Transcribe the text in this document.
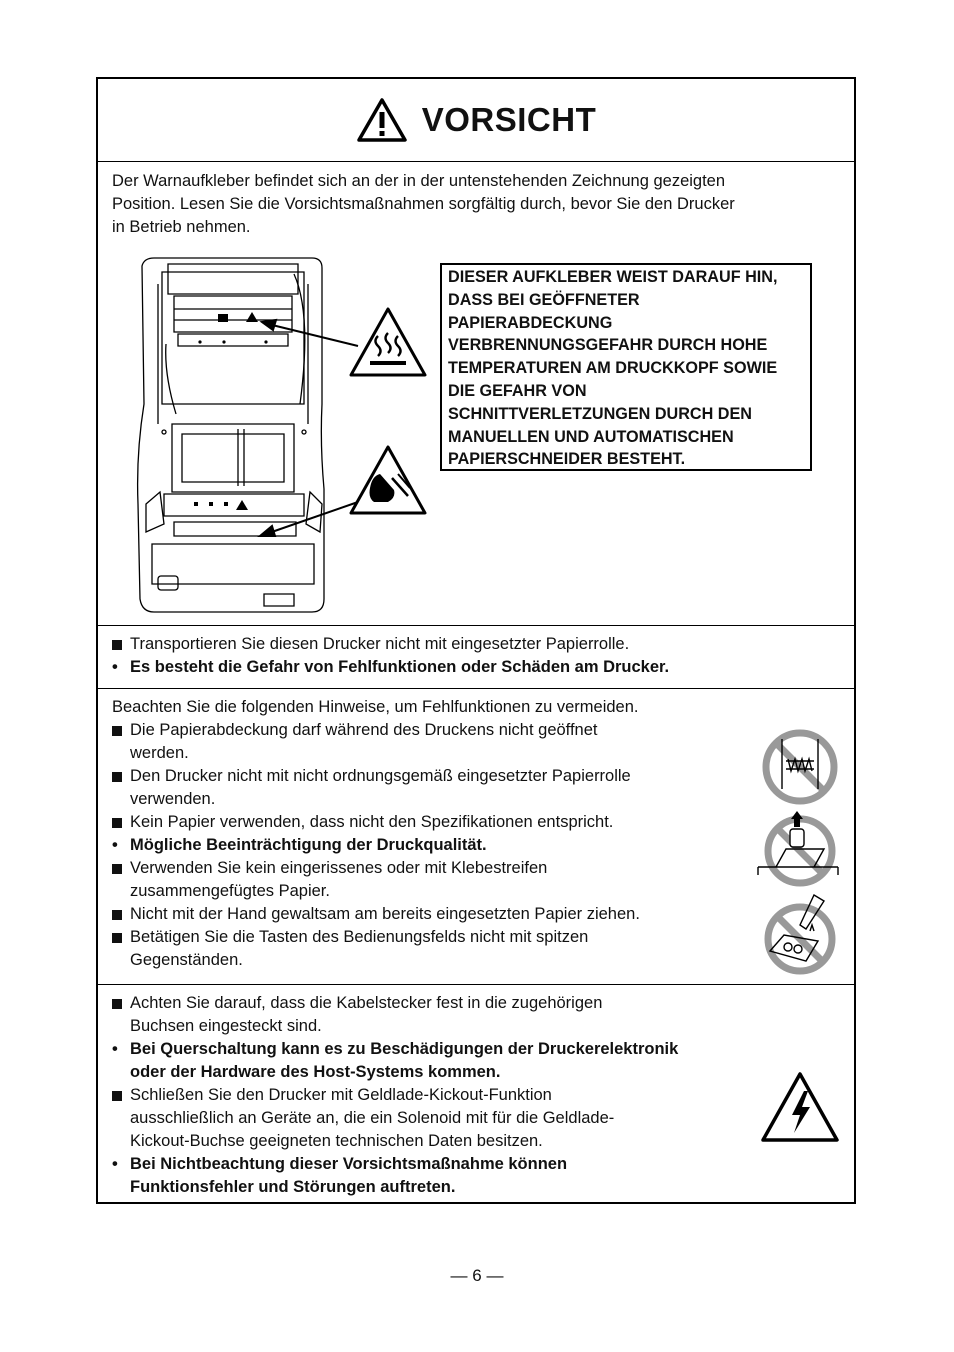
VORSICHT

Der Warnaufkleber befindet sich an der in der untenstehenden Zeichnung gezeigten

Position. Lesen Sie die Vorsichtsmaßnahmen sorgfältig durch, bevor Sie den Drucker

in Betrieb nehmen.

DIESER AUFKLEBER WEIST DARAUF HIN,
DASS BEI GEÖFFNETER
PAPIERABDECKUNG
VERBRENNUNGSGEFAHR DURCH HOHE
TEMPERATUREN AM DRUCKKOPF SOWIE
DIE GEFAHR VON
SCHNITTVERLETZUNGEN DURCH DEN
MANUELLEN UND AUTOMATISCHEN
PAPIERSCHNEIDER BESTEHT.
Transportieren Sie diesen Drucker nicht mit eingesetzter Papierrolle.
• Es besteht die Gefahr von Fehlfunktionen oder Schäden am Drucker.
Beachten Sie die folgenden Hinweise, um Fehlfunktionen zu vermeiden.
Die Papierabdeckung darf während des Druckens nicht geöffnet
werden.
Den Drucker nicht mit nicht ordnungsgemäß eingesetzter Papierrolle
verwenden.
Kein Papier verwenden, dass nicht den Spezifikationen entspricht.
• Mögliche Beeinträchtigung der Druckqualität.
Verwenden Sie kein eingerissenes oder mit Klebestreifen
zusammengefügtes Papier.
Nicht mit der Hand gewaltsam am bereits eingesetzten Papier ziehen.
Betätigen Sie die Tasten des Bedienungsfelds nicht mit spitzen
Gegenständen.
Achten Sie darauf, dass die Kabelstecker fest in die zugehörigen
Buchsen eingesteckt sind.
• Bei Querschaltung kann es zu Beschädigungen der Druckerelektronik
oder der Hardware des Host-Systems kommen.
Schließen Sie den Drucker mit Geldlade-Kickout-Funktion
ausschließlich an Geräte an, die ein Solenoid mit für die Geldlade-
Kickout-Buchse geeigneten technischen Daten besitzen.
• Bei Nichtbeachtung dieser Vorsichtsmaßnahme können
Funktionsfehler und Störungen auftreten.
— 6 —
